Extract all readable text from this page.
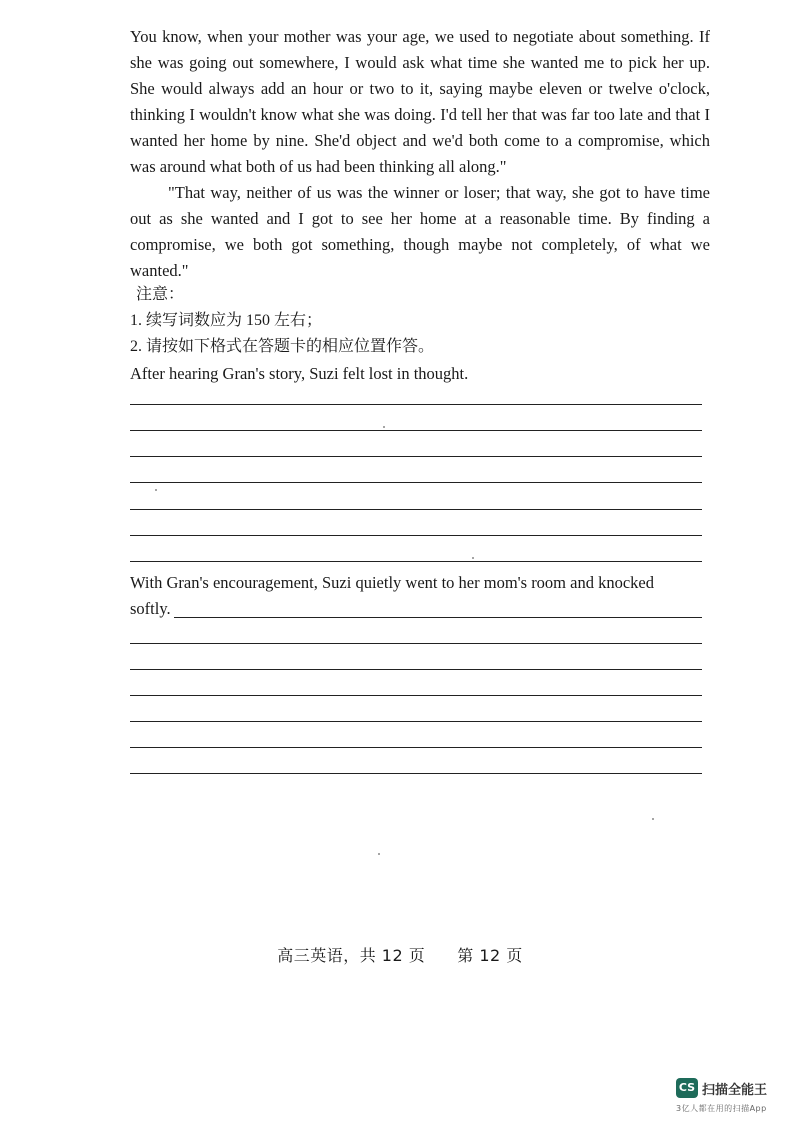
You know, when your mother was your age, we used to negotiate about something. If she was going out somewhere, I would ask what time she wanted me to pick her up. She would always add an hour or two to it, saying maybe eleven or twelve o'clock, thinking I wouldn't know what she was doing. I'd tell her that was far too late and that I wanted her home by nine. She'd object and we'd both come to a compromise, which was around what both of us had been thinking all along."

"That way, neither of us was the winner or loser; that way, she got to have time out as she wanted and I got to see her home at a reasonable time. By finding a compromise, we both got something, though maybe not completely, of what we wanted."

注意：
1. 续写词数应为 150 左右；
2. 请按如下格式在答题卡的相应位置作答。
After hearing Gran's story, Suzi felt lost in thought.
With Gran's encouragement, Suzi quietly went to her mom's room and knocked
softly.
高三英语，共 12 页 第 12 页
CS 扫描全能王
3亿人都在用的扫描App
